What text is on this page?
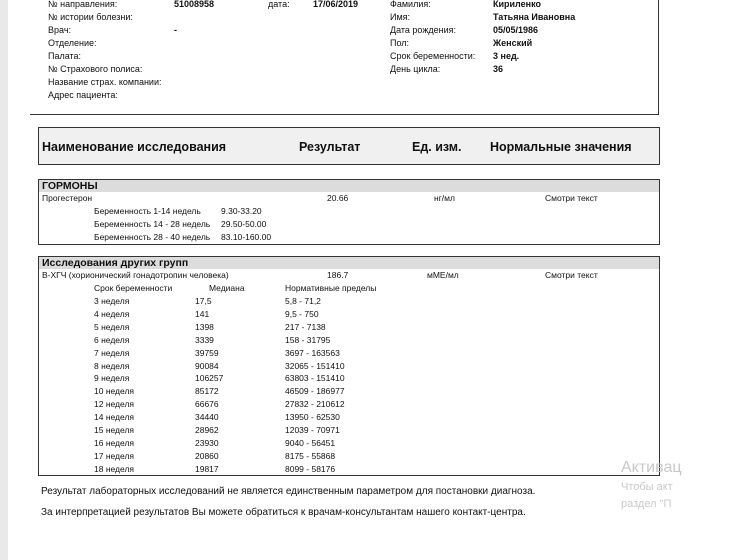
№ направления:	51008958
№ истории болезни:
Врач:	-
Отделение:
Палата:
№ Страхового полиса:
Название страх. компании:
Адрес пациента:
Фамилия:	Кириленко
Имя:	Татьяна Ивановна
Дата рождения:	05/05/1986
Пол:	Женский
Срок беременности: 3 нед.
День цикла:	36
дата:	17/06/2019
Наименование исследования	Результат	Ед. изм. Нормальные значения
ГОРМОНЫ
Прогестерон	20.66	нг/мл	Смотри текст
Беременность 1-14 недель 9.30-33.20
Беременность 14 - 28 недель 29.50-50.00
Беременность 28 - 40 недель 83.10-160.00
Исследования других групп
B-ХГЧ (хорионический гонадотропин человека)	186.7	мМЕ/мл	Смотри текст
Срок беременности	Медиана	Нормативные пределы
3 неделя	17,5	5,8 - 71,2
4 неделя	141	9,5 - 750
5 неделя	1398	217 - 7138
6 неделя	3339	158 - 31795
7 неделя	39759	3697 - 163563
8 неделя	90084	32065 - 151410
9 неделя	106257	63803 - 151410
10 неделя	85172	46509 - 186977
12 неделя	66676	27832 - 210612
14 неделя	34440	13950 - 62530
15 неделя	28962	12039 - 70971
16 неделя	23930	9040 - 56451
17 неделя	20860	8175 - 55868
18 неделя	19817	8099 - 58176
Результат лабораторных исследований не является единственным параметром для постановки диагноза.
За интерпретацией результатов Вы можете обратиться к врачам-консультантам нашего контакт-центра.
Активац
Чтобы акт
раздел "П
